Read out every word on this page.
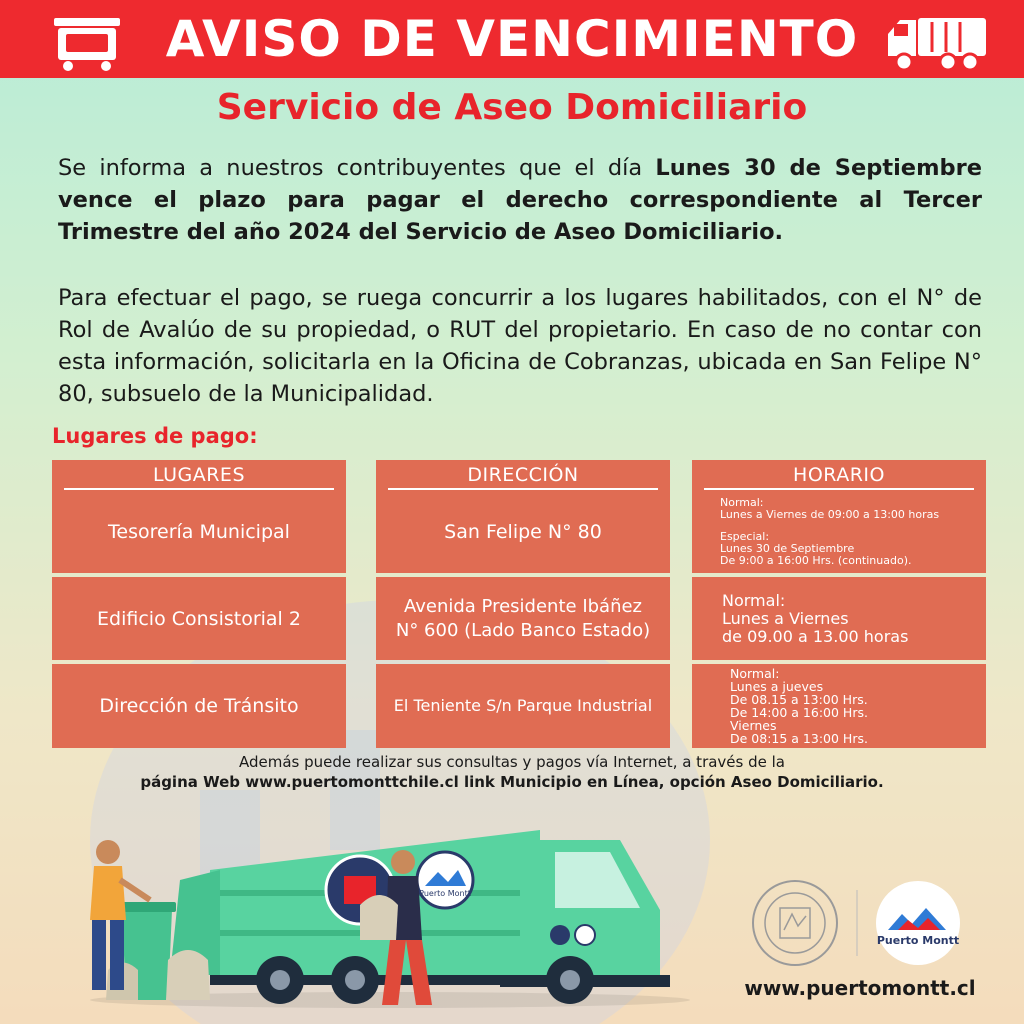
AVISO DE VENCIMIENTO
Servicio de Aseo Domiciliario
Se informa a nuestros contribuyentes que el día Lunes 30 de Septiembre vence el plazo para pagar el derecho correspondiente al Tercer Trimestre del año 2024 del Servicio de Aseo Domiciliario.
Para efectuar el pago, se ruega concurrir a los lugares habilitados, con el N° de Rol de Avalúo de su propiedad, o RUT del propietario. En caso de no contar con esta información, solicitarla en la Oficina de Cobranzas, ubicada en San Felipe N° 80, subsuelo de la Municipalidad.
Lugares de pago:
LUGARES
Tesorería Municipal
Edificio Consistorial 2
Dirección de Tránsito
DIRECCIÓN
San Felipe N° 80
Avenida Presidente Ibáñez N° 600 (Lado Banco Estado)
El Teniente S/n Parque Industrial
HORARIO
Normal:
Lunes a Viernes de 09:00 a 13:00 horas
Especial:
Lunes 30 de Septiembre
De 9:00 a 16:00 Hrs. (continuado).
Normal:
Lunes a Viernes
de 09.00 a 13.00 horas
Normal:
Lunes a jueves
De 08.15 a 13:00 Hrs.
De 14:00 a 16:00 Hrs.
Viernes
De 08:15 a 13:00 Hrs.
Además puede realizar sus consultas y pagos vía Internet, a través de la
página Web www.puertomonttchile.cl link Municipio en Línea, opción Aseo Domiciliario.
Puerto Montt
Puerto Montt
www.puertomontt.cl
